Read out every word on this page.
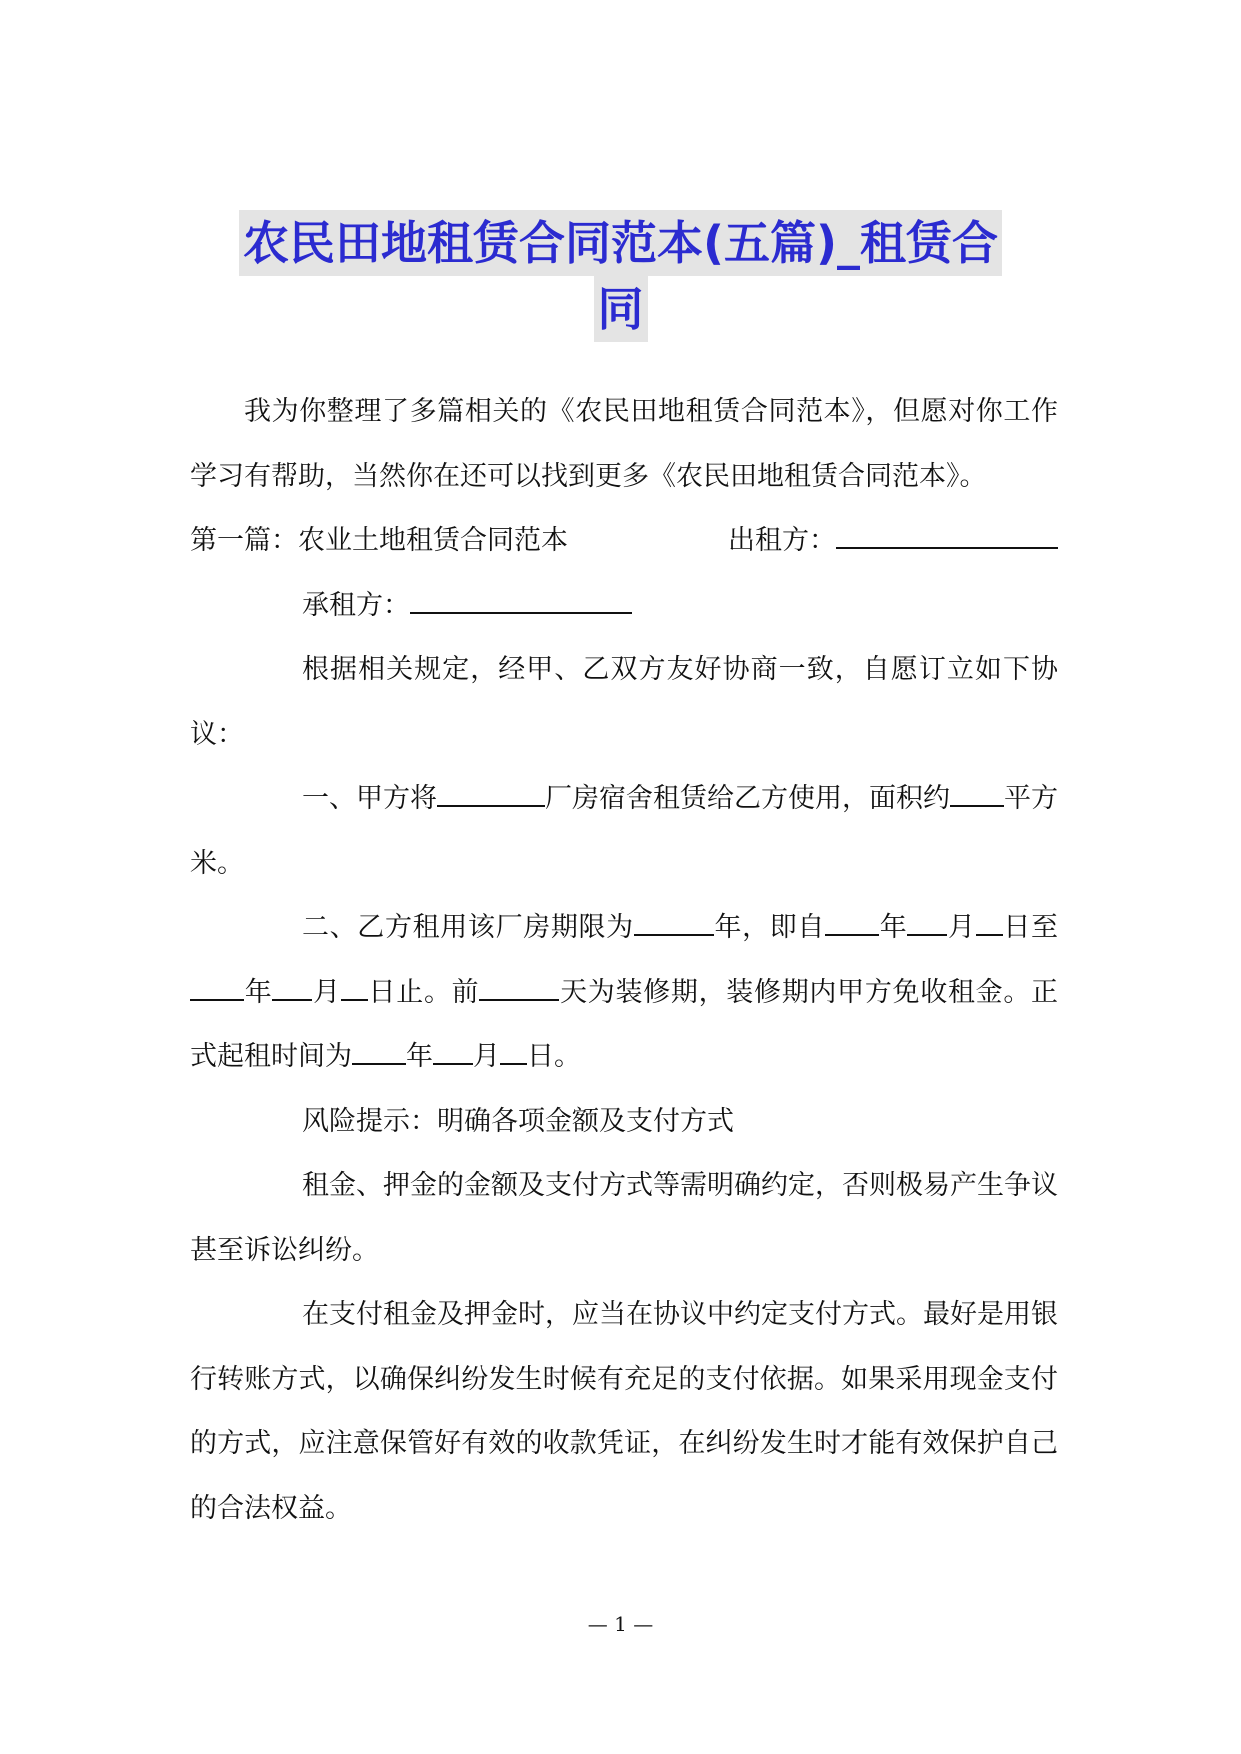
农民田地租赁合同范本(五篇)_租赁合
同

我为你整理了多篇相关的《农民田地租赁合同范本》，但愿对你工作学习有帮助，当然你在还可以找到更多《农民田地租赁合同范本》。

第一篇：农业土地租赁合同范本	出租方：

承租方：

根据相关规定，经甲、乙双方友好协商一致，自愿订立如下协议：

一、甲方将	厂房宿舍租赁给乙方使用，面积约 平方米。

二、乙方租用该厂房期限为	年，即自 年 月 日至年 月 日止。前	天为装修期，装修期内甲方免收租金。正式起租时间为 年 月 日。

风险提示：明确各项金额及支付方式

租金、押金的金额及支付方式等需明确约定，否则极易产生争议甚至诉讼纠纷。

在支付租金及押金时，应当在协议中约定支付方式。最好是用银行转账方式，以确保纠纷发生时候有充足的支付依据。如果采用现金支付的方式，应注意保管好有效的收款凭证，在纠纷发生时才能有效保护自己的合法权益。

— 1 —
